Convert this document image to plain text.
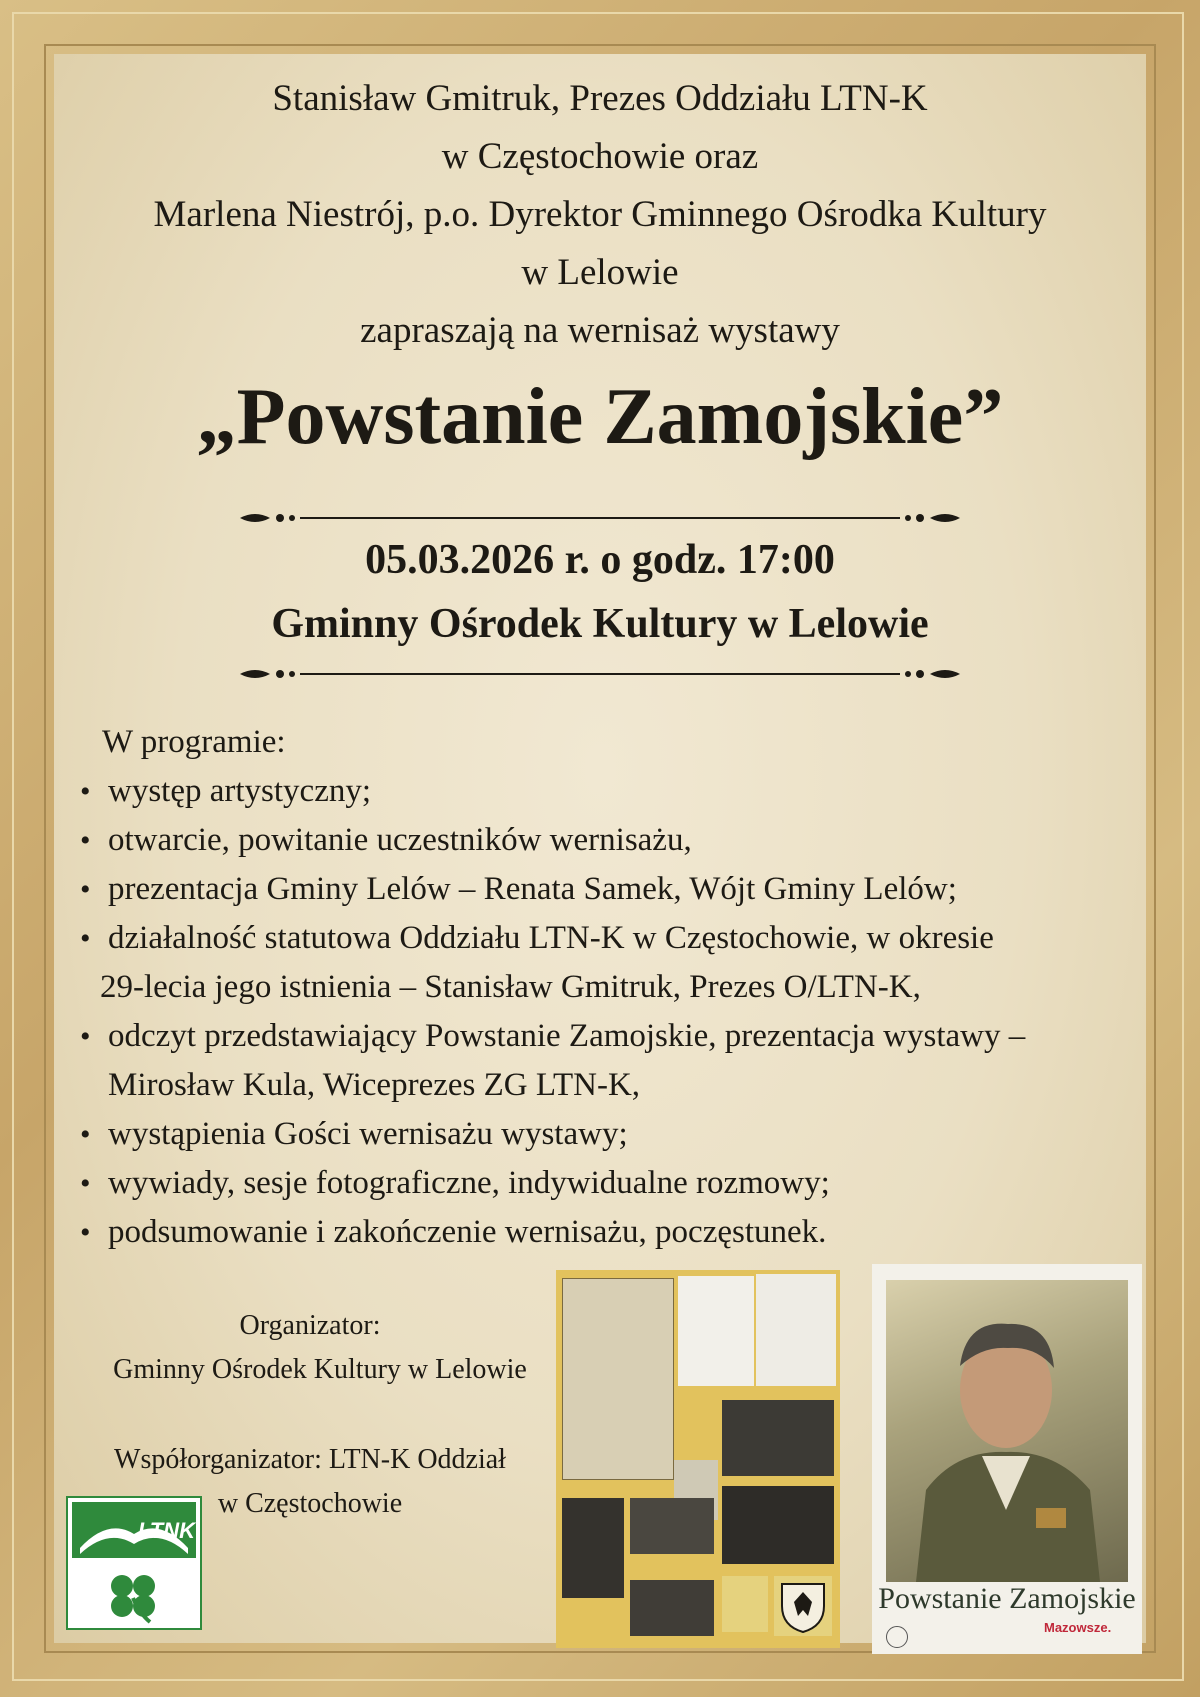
Stanisław Gmitruk, Prezes Oddziału LTN-K
w Częstochowie oraz
Marlena Niestrój, p.o. Dyrektor Gminnego Ośrodka Kultury
w Lelowie
zapraszają na wernisaż wystawy
„Powstanie Zamojskie”
05.03.2026 r. o godz. 17:00
Gminny Ośrodek Kultury w Lelowie
W programie:
• występ artystyczny;
• otwarcie, powitanie uczestników wernisażu,
• prezentacja Gminy Lelów – Renata Samek, Wójt Gminy Lelów;
• działalność statutowa Oddziału LTN-K w Częstochowie, w okresie
29-lecia jego istnienia – Stanisław Gmitruk, Prezes O/LTN-K,
• odczyt przedstawiający Powstanie Zamojskie, prezentacja wystawy –
Mirosław Kula, Wiceprezes ZG LTN-K,
• wystąpienia Gości wernisażu wystawy;
• wywiady, sesje fotograficzne, indywidualne rozmowy;
• podsumowanie i zakończenie wernisażu, poczęstunek.
Organizator:
Gminny Ośrodek Kultury w Lelowie
Współorganizator: LTN-K Oddział
w Częstochowie
LTNK
Powstanie Zamojskie
Mazowsze.
